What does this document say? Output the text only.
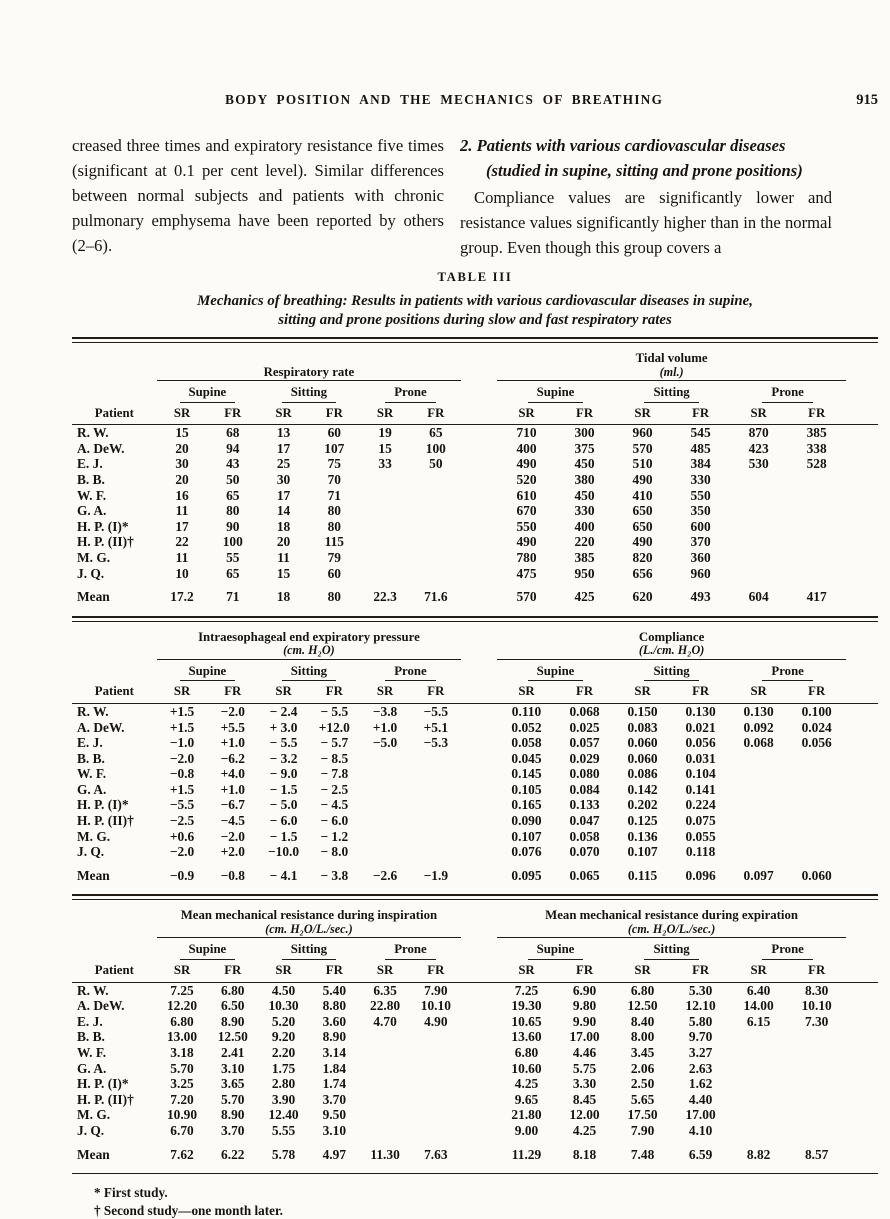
BODY POSITION AND THE MECHANICS OF BREATHING	915

creased three times and expiratory resistance five times (significant at 0.1 per cent level). Similar differences between normal subjects and patients with chronic pulmonary emphysema have been reported by others (2–6).

2. Patients with various cardiovascular diseases
(studied in supine, sitting and prone positions)

Compliance values are significantly lower and resistance values significantly higher than in the normal group. Even though this group covers a

TABLE III
Mechanics of breathing: Results in patients with various cardiovascular diseases in supine,
sitting and prone positions during slow and fast respiratory rates

	Respiratory rate							Tidal volume
(ml.)						

	Supine		Sitting		Prone			Supine		Sitting		Prone		
Patient	SR	FR	SR	FR	SR	FR		SR	FR	SR	FR	SR	FR	
R. W.	15	68	13	60	19	65		710	300	960	545	870	385	
A. DeW.	20	94	17	107	15	100		400	375	570	485	423	338	
E. J.	30	43	25	75	33	50		490	450	510	384	530	528	
B. B.	20	50	30	70				520	380	490	330			
W. F.	16	65	17	71				610	450	410	550			
G. A.	11	80	14	80				670	330	650	350			
H. P. (I)*	17	90	18	80				550	400	650	600			
H. P. (II)†	22	100	20	115				490	220	490	370			
M. G.	11	55	11	79				780	385	820	360			
J. Q.	10	65	15	60				475	950	656	960			
Mean	17.2	71	18	80	22.3	71.6		570	425	620	493	604	417	

Intraesophageal end expiratory pressure
(cm. H₂O)

Compliance
(L./cm. H₂O)

	Supine		Sitting		Prone			Supine		Sitting		Prone		
Patient	SR	FR	SR	FR	SR	FR		SR	FR	SR	FR	SR	FR	
R. W.	+1.5	−2.0	− 2.4	− 5.5	−3.8	−5.5		0.110	0.068	0.150	0.130	0.130	0.100	
A. DeW.	+1.5	+5.5	+ 3.0	+12.0	+1.0	+5.1		0.052	0.025	0.083	0.021	0.092	0.024	
E. J.	−1.0	+1.0	− 5.5	− 5.7	−5.0	−5.3		0.058	0.057	0.060	0.056	0.068	0.056	
B. B.	−2.0	−6.2	− 3.2	− 8.5				0.045	0.029	0.060	0.031			
W. F.	−0.8	+4.0	− 9.0	− 7.8				0.145	0.080	0.086	0.104			
G. A.	+1.5	+1.0	− 1.5	− 2.5				0.105	0.084	0.142	0.141			
H. P. (I)*	−5.5	−6.7	− 5.0	− 4.5				0.165	0.133	0.202	0.224			
H. P. (II)†	−2.5	−4.5	− 6.0	− 6.0				0.090	0.047	0.125	0.075			
M. G.	+0.6	−2.0	− 1.5	− 1.2				0.107	0.058	0.136	0.055			
J. Q.	−2.0	+2.0	−10.0	− 8.0				0.076	0.070	0.107	0.118			
Mean	−0.9	−0.8	− 4.1	− 3.8	−2.6	−1.9		0.095	0.065	0.115	0.096	0.097	0.060	

Mean mechanical resistance during inspiration
(cm. H₂O/L./sec.)

Mean mechanical resistance during expiration
(cm. H₂O/L./sec.)

	Supine		Sitting		Prone			Supine		Sitting		Prone		
Patient	SR	FR	SR	FR	SR	FR		SR	FR	SR	FR	SR	FR	
R. W.	7.25	6.80	4.50	5.40	6.35	7.90		7.25	6.90	6.80	5.30	6.40	8.30	
A. DeW.	12.20	6.50	10.30	8.80	22.80	10.10		19.30	9.80	12.50	12.10	14.00	10.10	
E. J.	6.80	8.90	5.20	3.60	4.70	4.90		10.65	9.90	8.40	5.80	6.15	7.30	
B. B.	13.00	12.50	9.20	8.90				13.60	17.00	8.00	9.70			
W. F.	3.18	2.41	2.20	3.14				6.80	4.46	3.45	3.27			
G. A.	5.70	3.10	1.75	1.84				10.60	5.75	2.06	2.63			
H. P. (I)*	3.25	3.65	2.80	1.74				4.25	3.30	2.50	1.62			
H. P. (II)†	7.20	5.70	3.90	3.70				9.65	8.45	5.65	4.40			
M. G.	10.90	8.90	12.40	9.50				21.80	12.00	17.50	17.00			
J. Q.	6.70	3.70	5.55	3.10				9.00	4.25	7.90	4.10			
Mean	7.62	6.22	5.78	4.97	11.30	7.63		11.29	8.18	7.48	6.59	8.82	8.57	
* First study.
† Second study—one month later.
